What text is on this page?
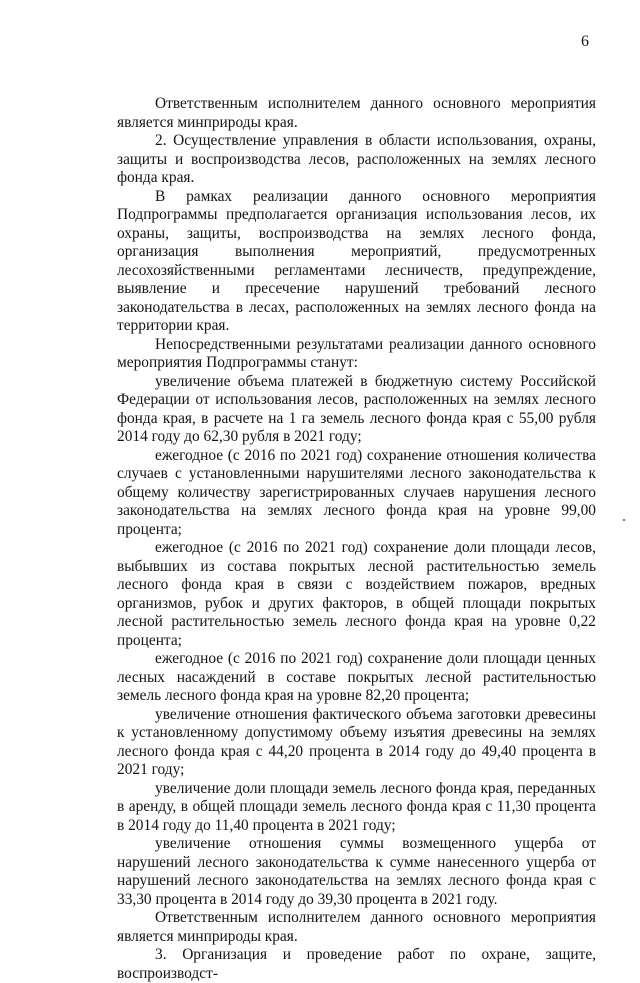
6

Ответственным исполнителем данного основного мероприятия является минприроды края.

2. Осуществление управления в области использования, охраны, защиты и воспроизводства лесов, расположенных на землях лесного фонда края.

В рамках реализации данного основного мероприятия Подпрограммы предполагается организация использования лесов, их охраны, защиты, воспроизводства на землях лесного фонда, организация выполнения мероприятий, предусмотренных лесохозяйственными регламентами лесничеств, предупреждение, выявление и пресечение нарушений требований лесного законодательства в лесах, расположенных на землях лесного фонда на территории края.

Непосредственными результатами реализации данного основного мероприятия Подпрограммы станут:

увеличение объема платежей в бюджетную систему Российской Федерации от использования лесов, расположенных на землях лесного фонда края, в расчете на 1 га земель лесного фонда края с 55,00 рубля 2014 году до 62,30 рубля в 2021 году;

ежегодное (с 2016 по 2021 год) сохранение отношения количества случаев с установленными нарушителями лесного законодательства к общему количеству зарегистрированных случаев нарушения лесного законодательства на землях лесного фонда края на уровне 99,00 процента;

ежегодное (с 2016 по 2021 год) сохранение доли площади лесов, выбывших из состава покрытых лесной растительностью земель лесного фонда края в связи с воздействием пожаров, вредных организмов, рубок и других факторов, в общей площади покрытых лесной растительностью земель лесного фонда края на уровне 0,22 процента;

ежегодное (с 2016 по 2021 год) сохранение доли площади ценных лесных насаждений в составе покрытых лесной растительностью земель лесного фонда края на уровне 82,20 процента;

увеличение отношения фактического объема заготовки древесины к установленному допустимому объему изъятия древесины на землях лесного фонда края с 44,20 процента в 2014 году до 49,40 процента в 2021 году;

увеличение доли площади земель лесного фонда края, переданных в аренду, в общей площади земель лесного фонда края с 11,30 процента в 2014 году до 11,40 процента в 2021 году;

увеличение отношения суммы возмещенного ущерба от нарушений лесного законодательства к сумме нанесенного ущерба от нарушений лесного законодательства на землях лесного фонда края с 33,30 процента в 2014 году до 39,30 процента в 2021 году.

Ответственным исполнителем данного основного мероприятия является минприроды края.

3. Организация и проведение работ по охране, защите, воспроизводст-
